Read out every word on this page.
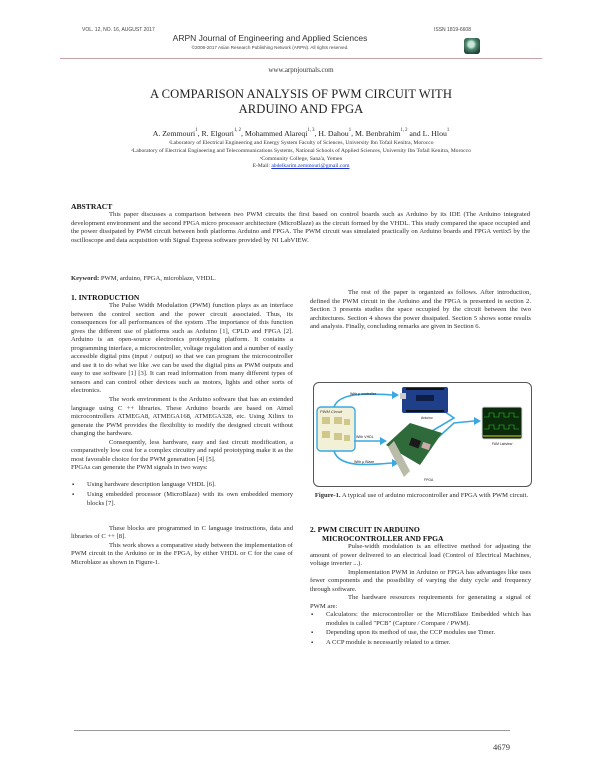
VOL. 12, NO. 16, AUGUST 2017	ISSN 1819-6608
ARPN Journal of Engineering and Applied Sciences
©2006-2017 Asian Research Publishing Network (ARPN). All rights reserved.
www.arpnjournals.com
A COMPARISON ANALYSIS OF PWM CIRCUIT WITH
ARDUINO AND FPGA
A. Zemmouri$^1$, R. Elgouri$^{1, 2}$, Mohammed Alareqi$^{1, 3}$, H. Dahou$^1$, M. Benbrahim$^{1, 2}$ and L. Hlou$^1$
$^1$Laboratory of Electrical Engineering and Energy System Faculty of Sciences, University Ibn Tofail Kenitra, Morocco
$^2$Laboratory of Electrical Engineering and Telecommunications Systems, National Schools of Applied Sciences, University Ibn Tofail Kenitra, Morocco
$^3$Community College, Sana'a, Yemen
E-Mail: abdelkarim.zemmouri@gmail.com
ABSTRACT
This paper discusses a comparison between two PWM circuits the first based on control boards such as Arduino by its IDE (The Arduino integrated development environment and the second FPGA micro processor architecture (MicroBlaze) as the circuit formed by the VHDL. This study compared the space occupied and the power dissipated by PWM circuit between both platforms Arduino and FPGA. The PWM circuit was simulated practically on Arduino boards and FPGA vertix5 by the oscilloscope and data acquisition with Signal Express software provided by NI LabVIEW.
Keyword: PWM, arduino, FPGA, microblaze, VHDL.
1. INTRODUCTION
The Pulse Width Modulation (PWM) function plays as an interface between the control section and the power circuit associated. Thus, its consequences for all performances of the system .The importance of this function gives the different use of platforms such as Arduino [1], CPLD and FPGA [2]. Arduino is an open-source electronics prototyping platform. It contains a programming interface, a microcontroller, voltage regulation and a number of easily accessible digital pins (input / output) so that we can program the microcontroller and use it to do what we like .we can be used the digital pins as PWM outputs and easy to use software [1] [3]. It can read information from many different types of sensors and can control other devices such as motors, lights and other sorts of electronics.
The work environment is the Arduino software that has an extended language using C ++ libraries. These Arduino boards are based on Atmel microcontrollers ATMEGA8, ATMEGA168, ATMEGA328, etc. Using Xilinx to generate the PWM provides the flexibility to modify the designed circuit without changing the hardware.
Consequently, less hardware, easy and fast circuit modification, a comparatively low cost for a complex circuitry and rapid prototyping make it as the most favorable choice for the PWM generation [4] [5].
FPGAs can generate the PWM signals in two ways:
▪ Using hardware description language VHDL [6].
▪ Using embedded processor (MicroBlaze) with its own embedded memory blocks [7].
These blocks are programmed in C language instructions, data and libraries of C ++ [8].
This work shows a comparative study between the implementation of PWM circuit in the Arduino or in the FPGA, by either VHDL or C for the case of Microblaze as shown in Figure-1.
The rest of the paper is organized as follows. After introduction, defined the PWM circuit in the Arduino and the FPGA is presented in section 2. Section 3 presents studies the space occupied by the circuit between the two architectures. Section 4 shows the power dissipated. Section 5 shows some results and analysis. Finally, concluding remarks are given in Section 6.
PWM Circuit
With µ controller
With VHDL
With µ Blaze
Arduino
FPGA
FAM Labview
Figure-1. A typical use of arduino microcontroller and FPGA with PWM circuit.
2. PWM CIRCUIT IN ARDUINO
MICROCONTROLLER AND FPGA
Pulse-width modulation is an effective method for adjusting the amount of power delivered to an electrical load (Control of Electrical Machines, voltage inverter ...).
Implementation PWM in Arduino or FPGA has advantages like uses fewer components and the possibility of varying the duty cycle and frequency through software.
The hardware resources requirements for generating a signal of PWM are:
▪ Calculators: the microcontroller or the MicroBlaze Embedded which has modules is called "PCB" (Capture / Compare / PWM).
▪ Depending upon its method of use, the CCP modules use Timer.
▪ A CCP module is necessarily related to a timer.
4679
